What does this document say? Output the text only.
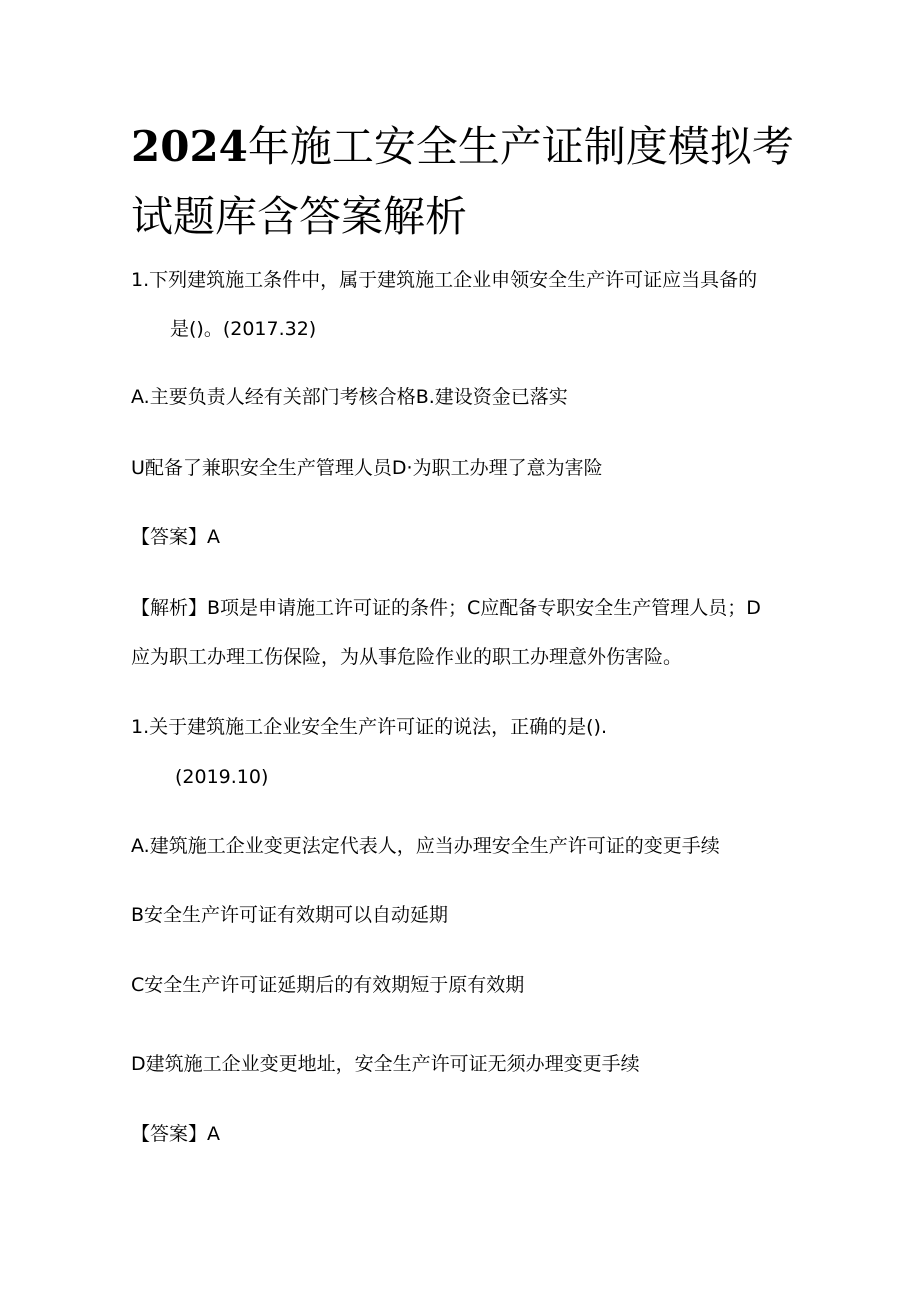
2024年施工安全生产证制度模拟考
试题库含答案解析

1.下列建筑施工条件中，属于建筑施工企业申领安全生产许可证应当具备的

是()。(2017.32)

A.主要负责人经有关部门考核合格B.建设资金已落实

U配备了兼职安全生产管理人员D·为职工办理了意为害险

【答案】A

【解析】B项是申请施工许可证的条件；C应配备专职安全生产管理人员；D

应为职工办理工伤保险，为从事危险作业的职工办理意外伤害险。

1.关于建筑施工企业安全生产许可证的说法，正确的是().

(2019.10)

A.建筑施工企业变更法定代表人，应当办理安全生产许可证的变更手续

B安全生产许可证有效期可以自动延期

C安全生产许可证延期后的有效期短于原有效期

D建筑施工企业变更地址，安全生产许可证无须办理变更手续

【答案】A
